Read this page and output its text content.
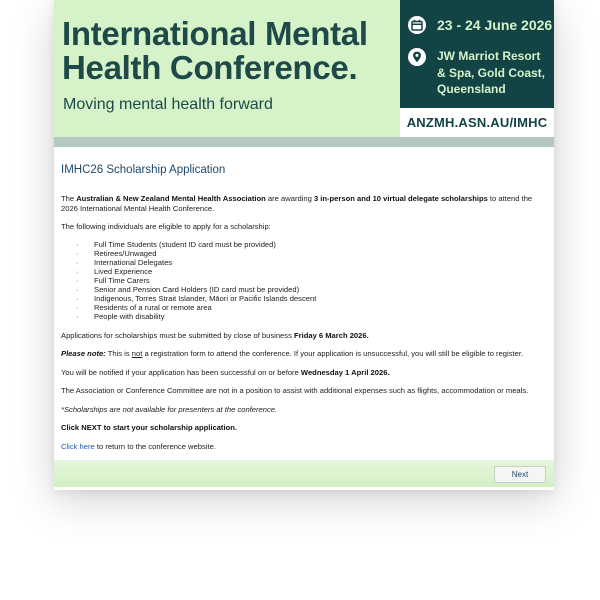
International Mental
Health Conference.
Moving mental health forward
23 - 24 June 2026
JW Marriot Resort & Spa, Gold Coast, Queensland
ANZMH.ASN.AU/IMHC
IMHC26 Scholarship Application

The Australian & New Zealand Mental Health Association are awarding 3 in-person and 10 virtual delegate scholarships to attend the 2026 International Mental Health Conference.

The following individuals are eligible to apply for a scholarship:

· Full Time Students (student ID card must be provided)
· Retirees/Unwaged
· International Delegates
· Lived Experience
· Full Time Carers
· Senior and Pension Card Holders (ID card must be provided)
· Indigenous, Torres Strait Islander, Māori or Pacific Islands descent
· Residents of a rural or remote area
· People with disability

Applications for scholarships must be submitted by close of business Friday 6 March 2026.

Please note: This is not a registration form to attend the conference. If your application is unsuccessful, you will still be eligible to register.

You will be notified if your application has been successful on or before Wednesday 1 April 2026.

The Association or Conference Committee are not in a position to assist with additional expenses such as flights, accommodation or meals.

*Scholarships are not available for presenters at the conference.

Click NEXT to start your scholarship application.

Click here to return to the conference website.

Next
